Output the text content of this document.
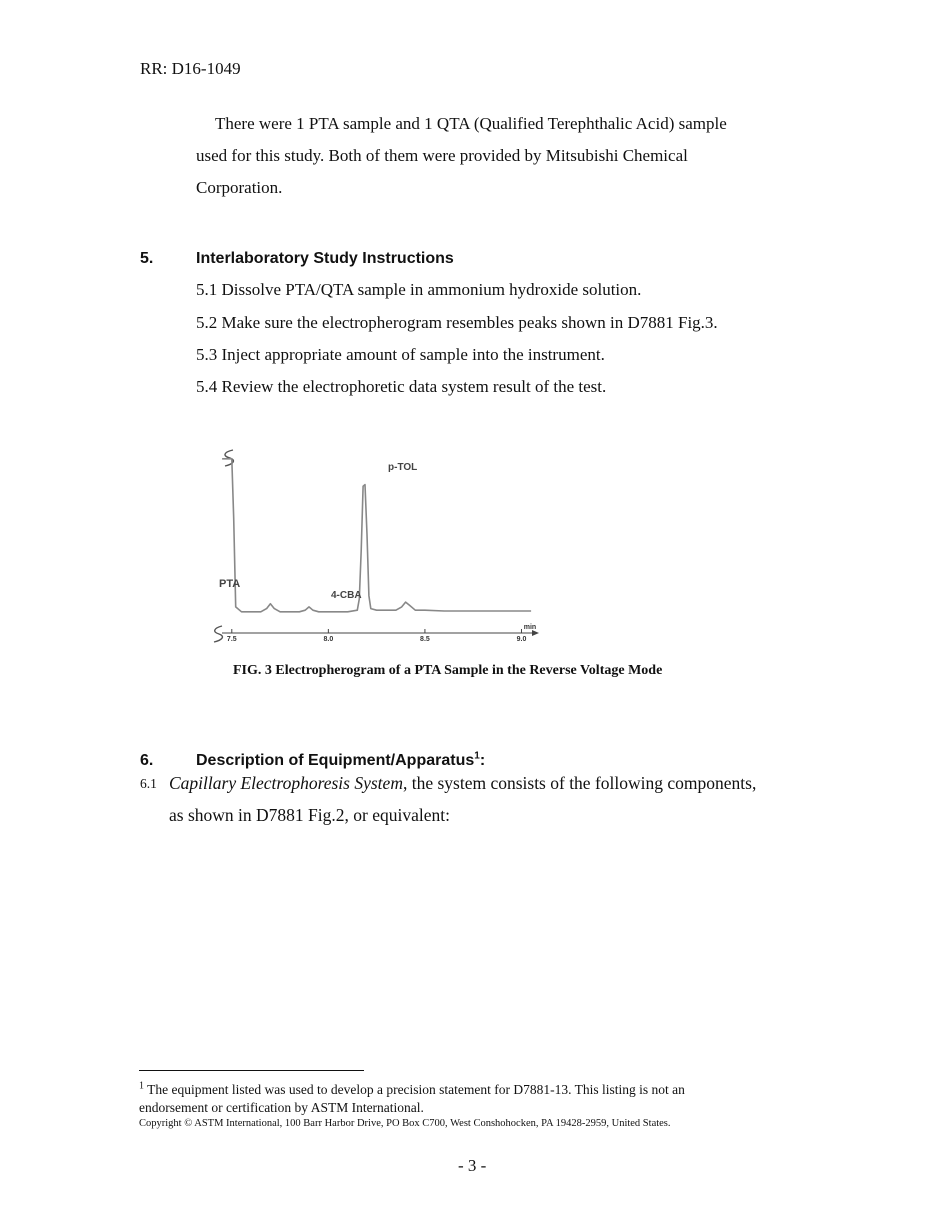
RR: D16-1049
There were 1 PTA sample and 1 QTA (Qualified Terephthalic Acid) sample
used for this study. Both of them were provided by Mitsubishi Chemical
Corporation.
5.	Interlaboratory Study Instructions
5.1 Dissolve PTA/QTA sample in ammonium hydroxide solution.
5.2 Make sure the electropherogram resembles peaks shown in D7881 Fig.3.
5.3 Inject appropriate amount of sample into the instrument.
5.4 Review the electrophoretic data system result of the test.
7.5	8.0	8.5	9.0
min
PTA
4-CBA
p-TOL
FIG. 3 Electropherogram of a PTA Sample in the Reverse Voltage Mode
6.	Description of Equipment/Apparatus$^1$:
6.1 Capillary Electrophoresis System, the system consists of the following components,
as shown in D7881 Fig.2, or equivalent:
$^1$ The equipment listed was used to develop a precision statement for D7881-13. This listing is not an
endorsement or certification by ASTM International.
Copyright © ASTM International, 100 Barr Harbor Drive, PO Box C700, West Conshohocken, PA 19428-2959, United States.
- 3 -
